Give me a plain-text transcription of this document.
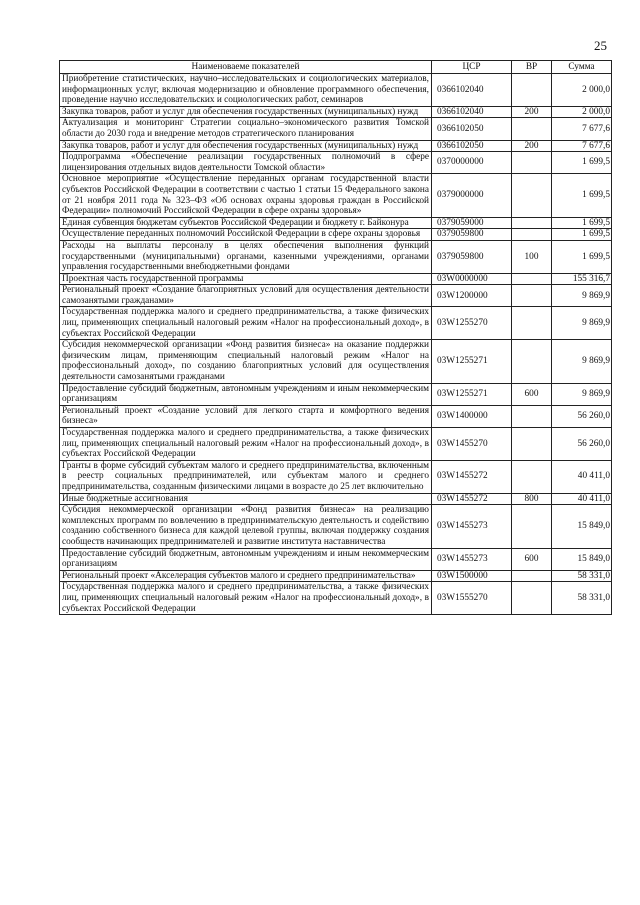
25
Наименоваеме показателей	ЦСР	ВР	Сумма
Приобретение статистических, научно–исследовательских и социологических материалов, информационных услуг, включая модернизацию и обновление программного обеспечения, проведение научно исследовательских и социологических работ, семинаров	0366102040		2 000,0
Закупка товаров, работ и услуг для обеспечения государственных (муниципальных) нужд	0366102040	200	2 000,0
Актуализация и мониторинг Стратегии социально–экономического развития Томской области до 2030 года и внедрение методов стратегического планирования	0366102050		7 677,6
Закупка товаров, работ и услуг для обеспечения государственных (муниципальных) нужд	0366102050	200	7 677,6
Подпрограмма «Обеспечение реализации государственных полномочий в сфере лицензирования отдельных видов деятельности Томской области»	0370000000		1 699,5
Основное мероприятие «Осуществление переданных органам государственной власти субъектов Российской Федерации в соответствии с частью 1 статьи 15 Федерального закона от 21 ноября 2011 года № 323–ФЗ «Об основах охраны здоровья граждан в Российской Федерации» полномочий Российской Федерации в сфере охраны здоровья»	0379000000		1 699,5
Единая субвенция бюджетам субъектов Российской Федерации и бюджету г. Байконура	0379059000		1 699,5
Осуществление переданных полномочий Российской Федерации в сфере охраны здоровья	0379059800		1 699,5
Расходы на выплаты персоналу в целях обеспечения выполнения функций государственными (муниципальными) органами, казенными учреждениями, органами управления государственными внебюджетными фондами	0379059800	100	1 699,5
Проектная часть государственной программы	03W0000000		155 316,7
Региональный проект «Создание благоприятных условий для осуществления деятельности самозанятыми гражданами»	03W1200000		9 869,9
Государственная поддержка малого и среднего предпринимательства, а также физических лиц, применяющих специальный налоговый режим «Налог на профессиональный доход», в субъектах Российской Федерации	03W1255270		9 869,9
Субсидия некоммерческой организации «Фонд развития бизнеса» на оказание поддержки физическим лицам, применяющим специальный налоговый режим «Налог на профессиональный доход», по созданию благоприятных условий для осуществления деятельности самозанятыми гражданами	03W1255271		9 869,9
Предоставление субсидий бюджетным, автономным учреждениям и иным некоммерческим организациям	03W1255271	600	9 869,9
Региональный проект «Создание условий для легкого старта и комфортного ведения бизнеса»	03W1400000		56 260,0
Государственная поддержка малого и среднего предпринимательства, а также физических лиц, применяющих специальный налоговый режим «Налог на профессиональный доход», в субъектах Российской Федерации	03W1455270		56 260,0
Гранты в форме субсидий субъектам малого и среднего предпринимательства, включенным в реестр социальных предпринимателей, или субъектам малого и среднего предпринимательства, созданным физическими лицами в возрасте до 25 лет включительно	03W1455272		40 411,0
Иные бюджетные ассигнования	03W1455272	800	40 411,0
Субсидия некоммерческой организации «Фонд развития бизнеса» на реализацию комплексных программ по вовлечению в предпринимательскую деятельность и содействию созданию собственного бизнеса для каждой целевой группы, включая поддержку создания сообществ начинающих предпринимателей и развитие института наставничества	03W1455273		15 849,0
Предоставление субсидий бюджетным, автономным учреждениям и иным некоммерческим организациям	03W1455273	600	15 849,0
Региональный проект «Акселерация субъектов малого и среднего предпринимательства»	03W1500000		58 331,0
Государственная поддержка малого и среднего предпринимательства, а также физических лиц, применяющих специальный налоговый режим «Налог на профессиональный доход», в субъектах Российской Федерации	03W1555270		58 331,0
